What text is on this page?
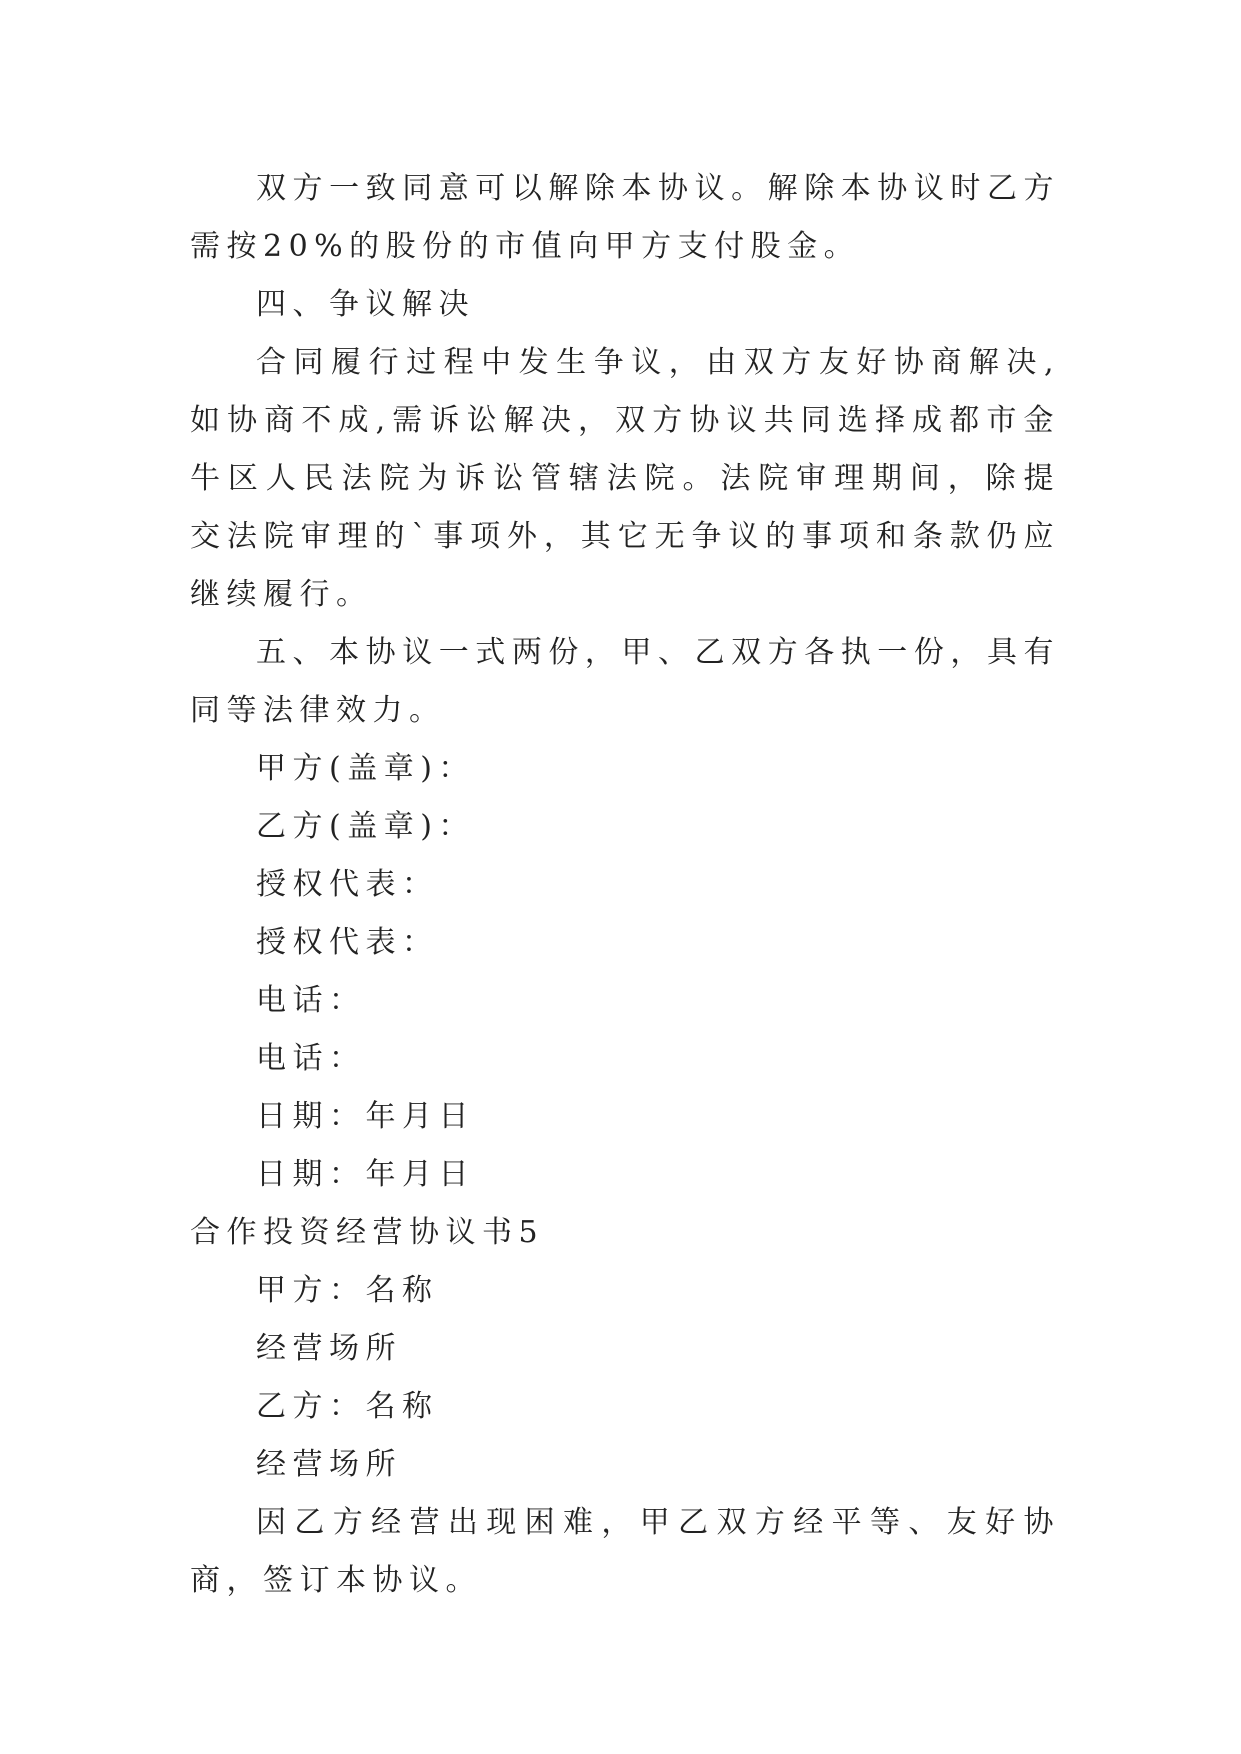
双方一致同意可以解除本协议。解除本协议时乙方需按20%的股份的市值向甲方支付股金。

四、争议解决

合同履行过程中发生争议，由双方友好协商解决,如协商不成,需诉讼解决，双方协议共同选择成都市金牛区人民法院为诉讼管辖法院。法院审理期间，除提交法院审理的`事项外，其它无争议的事项和条款仍应继续履行。

五、本协议一式两份，甲、乙双方各执一份，具有同等法律效力。

甲方(盖章)：

乙方(盖章)：

授权代表：

授权代表：

电话：

电话：

日期：年月日

日期：年月日

合作投资经营协议书5

甲方：名称

经营场所

乙方：名称

经营场所

因乙方经营出现困难，甲乙双方经平等、友好协商，签订本协议。
